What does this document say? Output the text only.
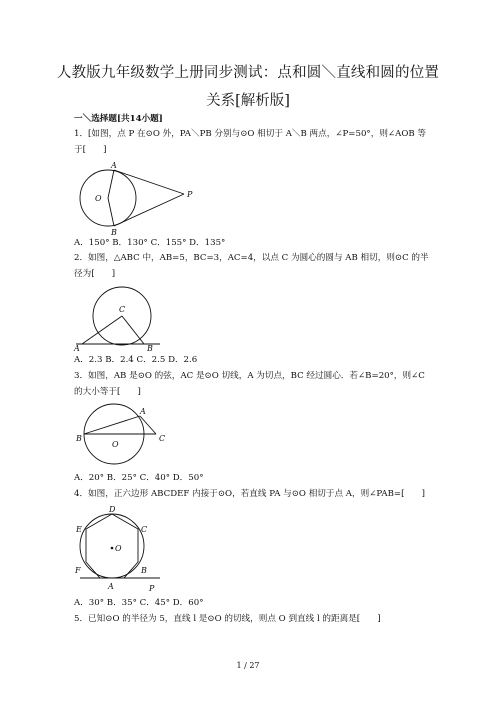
人教版九年级数学上册同步测试：点和圆＼直线和圆的位置
关系[解析版]
一＼选择题[共14小题]
1．[如图，点 P 在⊙O 外，PA＼PB 分别与⊙O 相切于 A＼B 两点，∠P=50°，则∠AOB 等
于[　　]
A
B
O	P
A．150° B．130° C．155° D．135°
2．如图，△ABC 中，AB=5，BC=3，AC=4，以点 C 为圆心的圆与 AB 相切，则⊙C 的半
径为[　　]
A	B
C
A．2.3 B．2.4 C．2.5 D．2.6
3．如图，AB 是⊙O 的弦，AC 是⊙O 切线，A 为切点，BC 经过圆心．若∠B=20°，则∠C
的大小等于[　　]
A
B	C
O
A．20° B．25° C．40° D．50°
4．如图，正六边形 ABCDEF 内接于⊙O，若直线 PA 与⊙O 相切于点 A，则∠PAB=[　　]
D
C
E
F	B
O
A	P
A．30° B．35° C．45° D．60°
5．已知⊙O 的半径为 5，直线 l 是⊙O 的切线，则点 O 到直线 l 的距离是[　　]
1 / 27
